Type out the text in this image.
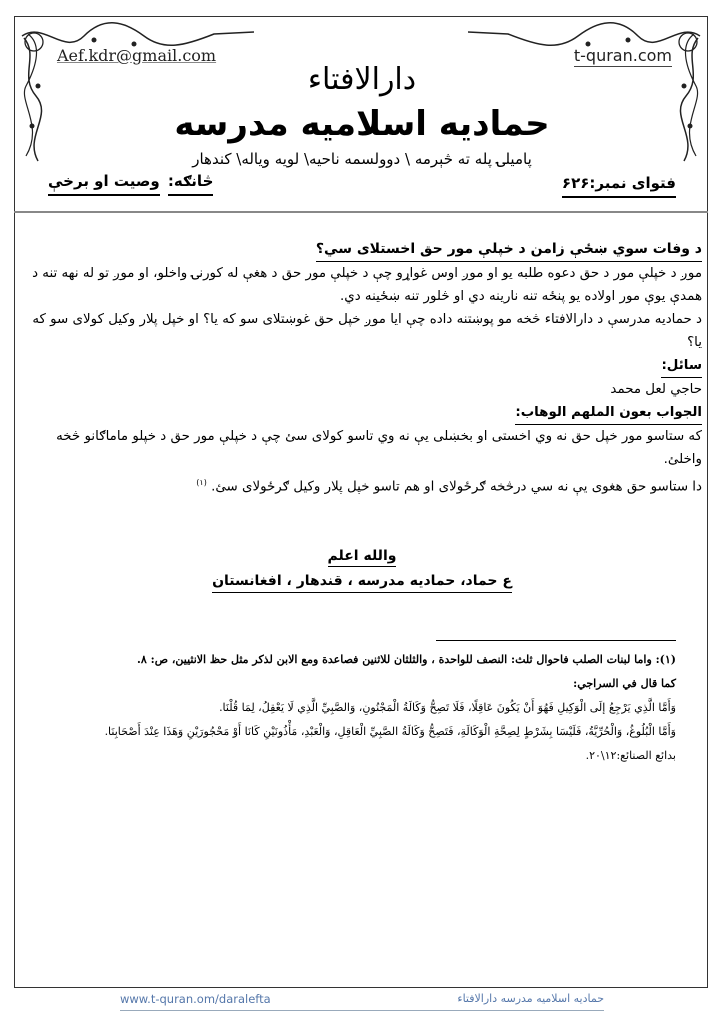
Aef.kdr@gmail.com	t-quran.com
دارالافتاء
حمادیه اسلامیه مدرسه
پامیلۍ پله ته څېرمه \ دوولسمه ناحیه\ لویه ویاله\ کندهار
فتواى نمبر:۶۲۶
څانګه: وصیت او برخې

د وفات سوي ښځې زامن د خپلې مور حق اخستلای سي؟

موږ د خپلې مور د حق دعوه طلبه یو او موږ اوس غواړو چې د خپلې مور حق د هغې له کورنۍ واخلو، او موږ تو له نهه تنه د همدې یوې مور اولاده یو پنځه تنه نارینه دي او څلور تنه ښځینه دي.

د حمادیه مدرسې د دارالافتاء څخه مو پوښتنه داده چې ایا موږ خپل حق غوښتلای سو که یا؟ او خپل پلار وکیل کولای سو که یا؟

سائل:

حاجي لعل محمد

الجواب بعون الملهم الوهاب:

که ستاسو مور خپل حق نه وي اخستی او بخښلی یې نه وي تاسو کولای سئ چې د خپلې مور حق د خپلو ماماګانو څخه واخلئ.

دا ستاسو حق هغوی یې نه سي درڅخه ګرځولای او هم تاسو خپل پلار وکیل ګرځولای سئ. $^{(۱)}$

والله اعلم
ع حماد، حمادیه مدرسه ، قندهار ، افغانستان

(۱): واما لبنات الصلب فاحوال ثلث: النصف للواحدة ، والثلثان للاثنين فصاعدة ومع الابن لذكر مثل حظ الانثيين، ص: ٨.

كما قال في السراجي:

وَأَمَّا الَّذِي يَرْجِعُ إلَى الْوَكِيلِ فَهُوَ أَنْ يَكُونَ عَاقِلًا، فَلَا تَصِحُّ وَكَالَةُ الْمَجْنُونِ، وَالصَّبِيِّ الَّذِي لَا يَعْقِلُ، لِمَا قُلْنَا.

وَأَمَّا الْبُلُوغُ، وَالْحُرِّيَّةُ، فَلَيْسَا بِشَرْطٍ لِصِحَّةِ الْوَكَالَةِ، فَتَصِحُّ وَكَالَةُ الصَّبِيِّ الْعَاقِلِ، وَالْعَبْدِ، مَأْذُونَيْنِ كَانَا أَوْ مَحْجُورَيْنِ وَهَذَا عِنْدَ أَصْحَابِنَا.

بدائع الصنائع:١٢\٢٠.

www.t-quran.om/daralefta	حمادیه اسلامیه مدرسه دارالافتاء
